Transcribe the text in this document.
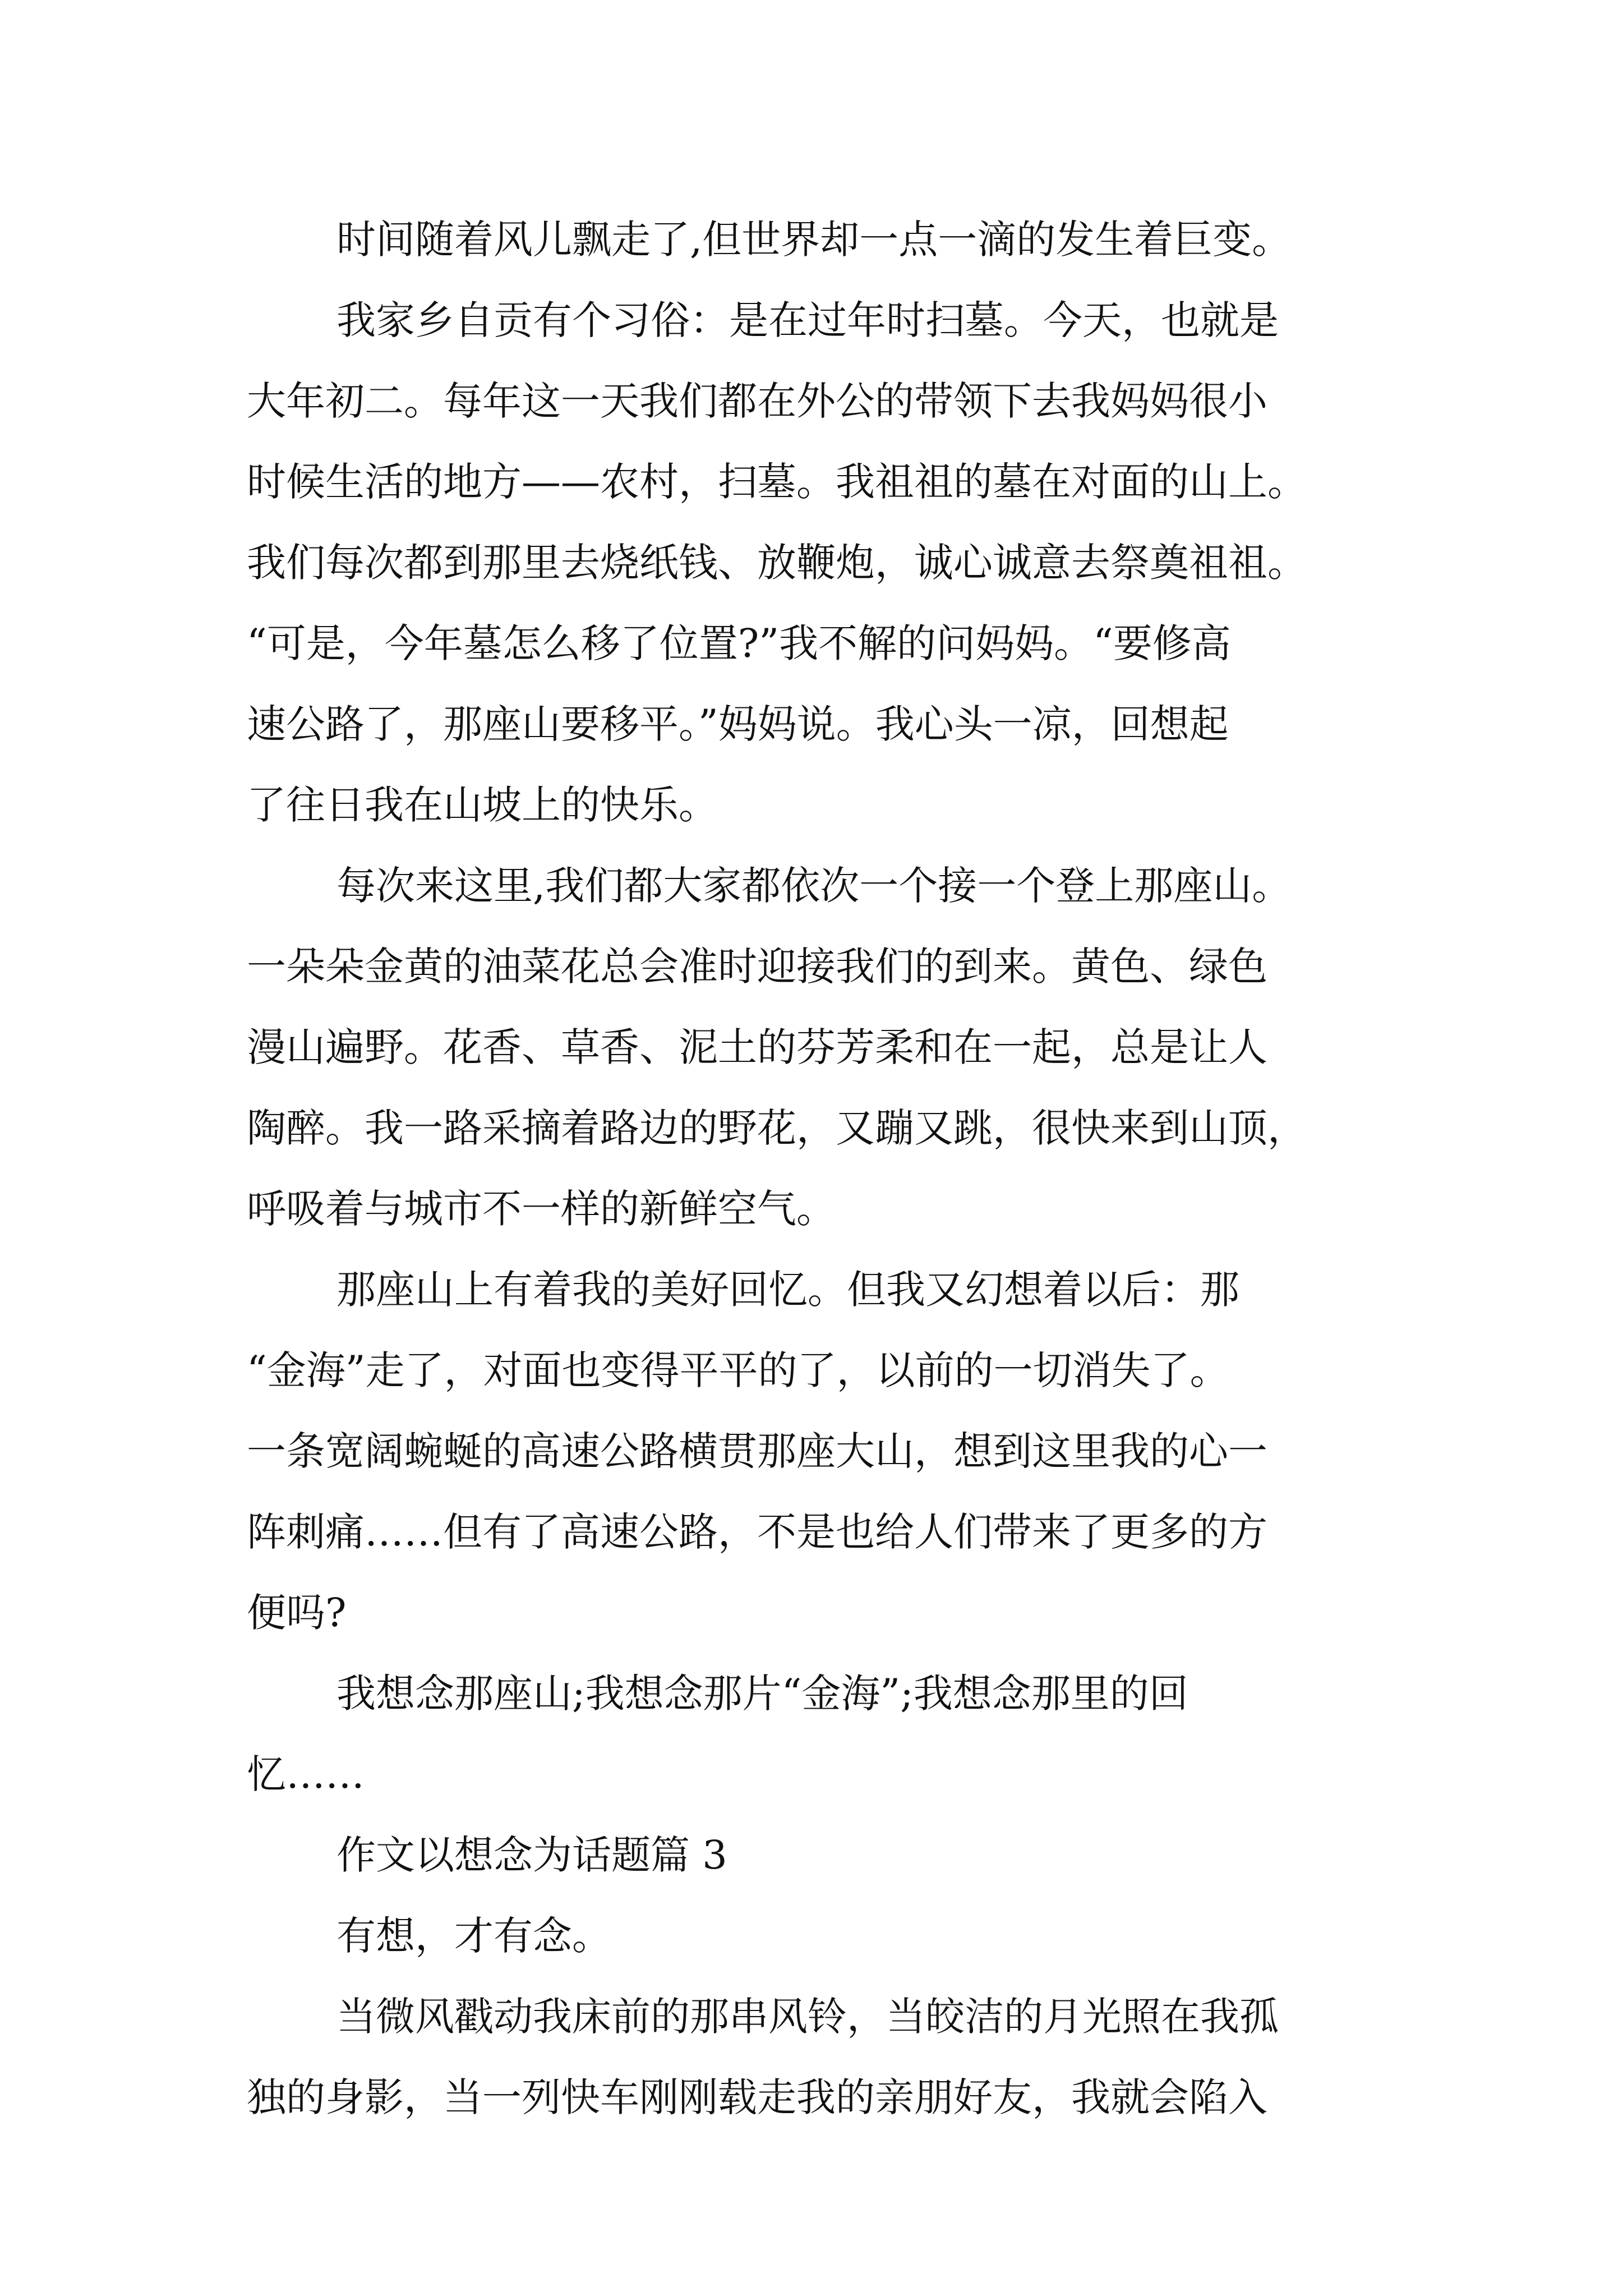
时间随着风儿飘走了,但世界却一点一滴的发生着巨变。
我家乡自贡有个习俗：是在过年时扫墓。今天，也就是
大年初二。每年这一天我们都在外公的带领下去我妈妈很小
时候生活的地方——农村，扫墓。我祖祖的墓在对面的山上。
我们每次都到那里去烧纸钱、放鞭炮，诚心诚意去祭奠祖祖。
“可是，今年墓怎么移了位置?”我不解的问妈妈。“要修高
速公路了，那座山要移平。”妈妈说。我心头一凉，回想起
了往日我在山坡上的快乐。
每次来这里,我们都大家都依次一个接一个登上那座山。
一朵朵金黄的油菜花总会准时迎接我们的到来。黄色、绿色
漫山遍野。花香、草香、泥土的芬芳柔和在一起，总是让人
陶醉。我一路采摘着路边的野花，又蹦又跳，很快来到山顶，
呼吸着与城市不一样的新鲜空气。
那座山上有着我的美好回忆。但我又幻想着以后：那
“金海”走了，对面也变得平平的了，以前的一切消失了。
一条宽阔蜿蜒的高速公路横贯那座大山，想到这里我的心一
阵刺痛……但有了高速公路，不是也给人们带来了更多的方
便吗?
我想念那座山;我想念那片“金海”;我想念那里的回
忆……
作文以想念为话题篇 3
有想，才有念。
当微风戳动我床前的那串风铃，当皎洁的月光照在我孤
独的身影，当一列快车刚刚载走我的亲朋好友，我就会陷入
